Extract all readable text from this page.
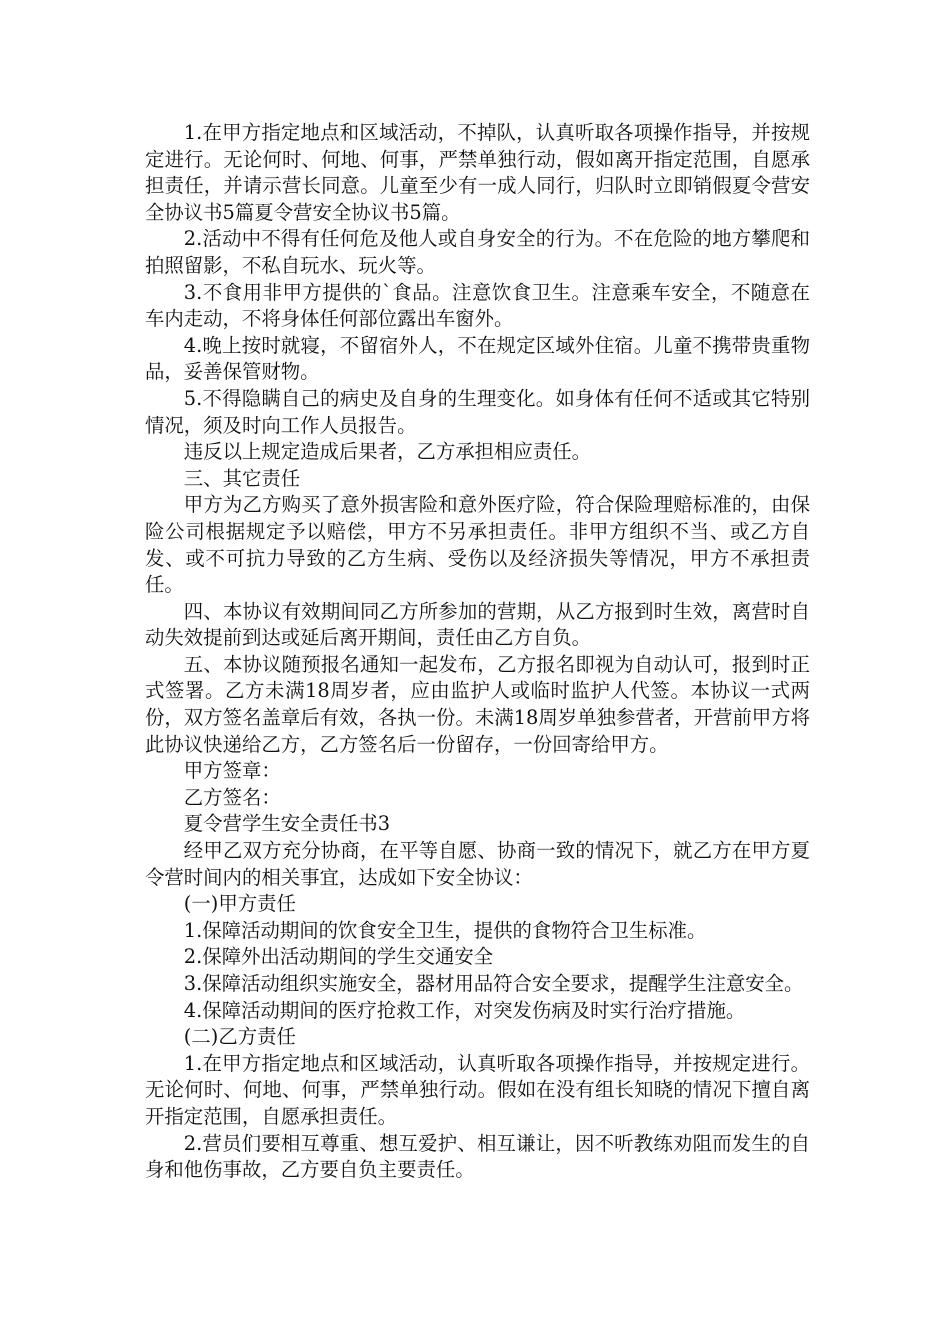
1.在甲方指定地点和区域活动，不掉队，认真听取各项操作指导，并按规定进行。无论何时、何地、何事，严禁单独行动，假如离开指定范围，自愿承担责任，并请示营长同意。儿童至少有一成人同行，归队时立即销假夏令营安全协议书5篇夏令营安全协议书5篇。

2.活动中不得有任何危及他人或自身安全的行为。不在危险的地方攀爬和拍照留影，不私自玩水、玩火等。

3.不食用非甲方提供的`食品。注意饮食卫生。注意乘车安全，不随意在车内走动，不将身体任何部位露出车窗外。

4.晚上按时就寝，不留宿外人，不在规定区域外住宿。儿童不携带贵重物品，妥善保管财物。

5.不得隐瞒自己的病史及自身的生理变化。如身体有任何不适或其它特别情况，须及时向工作人员报告。

违反以上规定造成后果者，乙方承担相应责任。

三、其它责任

甲方为乙方购买了意外损害险和意外医疗险，符合保险理赔标准的，由保险公司根据规定予以赔偿，甲方不另承担责任。非甲方组织不当、或乙方自发、或不可抗力导致的乙方生病、受伤以及经济损失等情况，甲方不承担责任。

四、本协议有效期间同乙方所参加的营期，从乙方报到时生效，离营时自动失效提前到达或延后离开期间，责任由乙方自负。

五、本协议随预报名通知一起发布，乙方报名即视为自动认可，报到时正式签署。乙方未满18周岁者，应由监护人或临时监护人代签。本协议一式两份，双方签名盖章后有效，各执一份。未满18周岁单独参营者，开营前甲方将此协议快递给乙方，乙方签名后一份留存，一份回寄给甲方。

甲方签章：

乙方签名：

夏令营学生安全责任书3

经甲乙双方充分协商，在平等自愿、协商一致的情况下，就乙方在甲方夏令营时间内的相关事宜，达成如下安全协议：

(一)甲方责任

1.保障活动期间的饮食安全卫生，提供的食物符合卫生标准。

2.保障外出活动期间的学生交通安全

3.保障活动组织实施安全，器材用品符合安全要求，提醒学生注意安全。

4.保障活动期间的医疗抢救工作，对突发伤病及时实行治疗措施。

(二)乙方责任

1.在甲方指定地点和区域活动，认真听取各项操作指导，并按规定进行。无论何时、何地、何事，严禁单独行动。假如在没有组长知晓的情况下擅自离开指定范围，自愿承担责任。

2.营员们要相互尊重、想互爱护、相互谦让，因不听教练劝阻而发生的自身和他伤事故，乙方要自负主要责任。
